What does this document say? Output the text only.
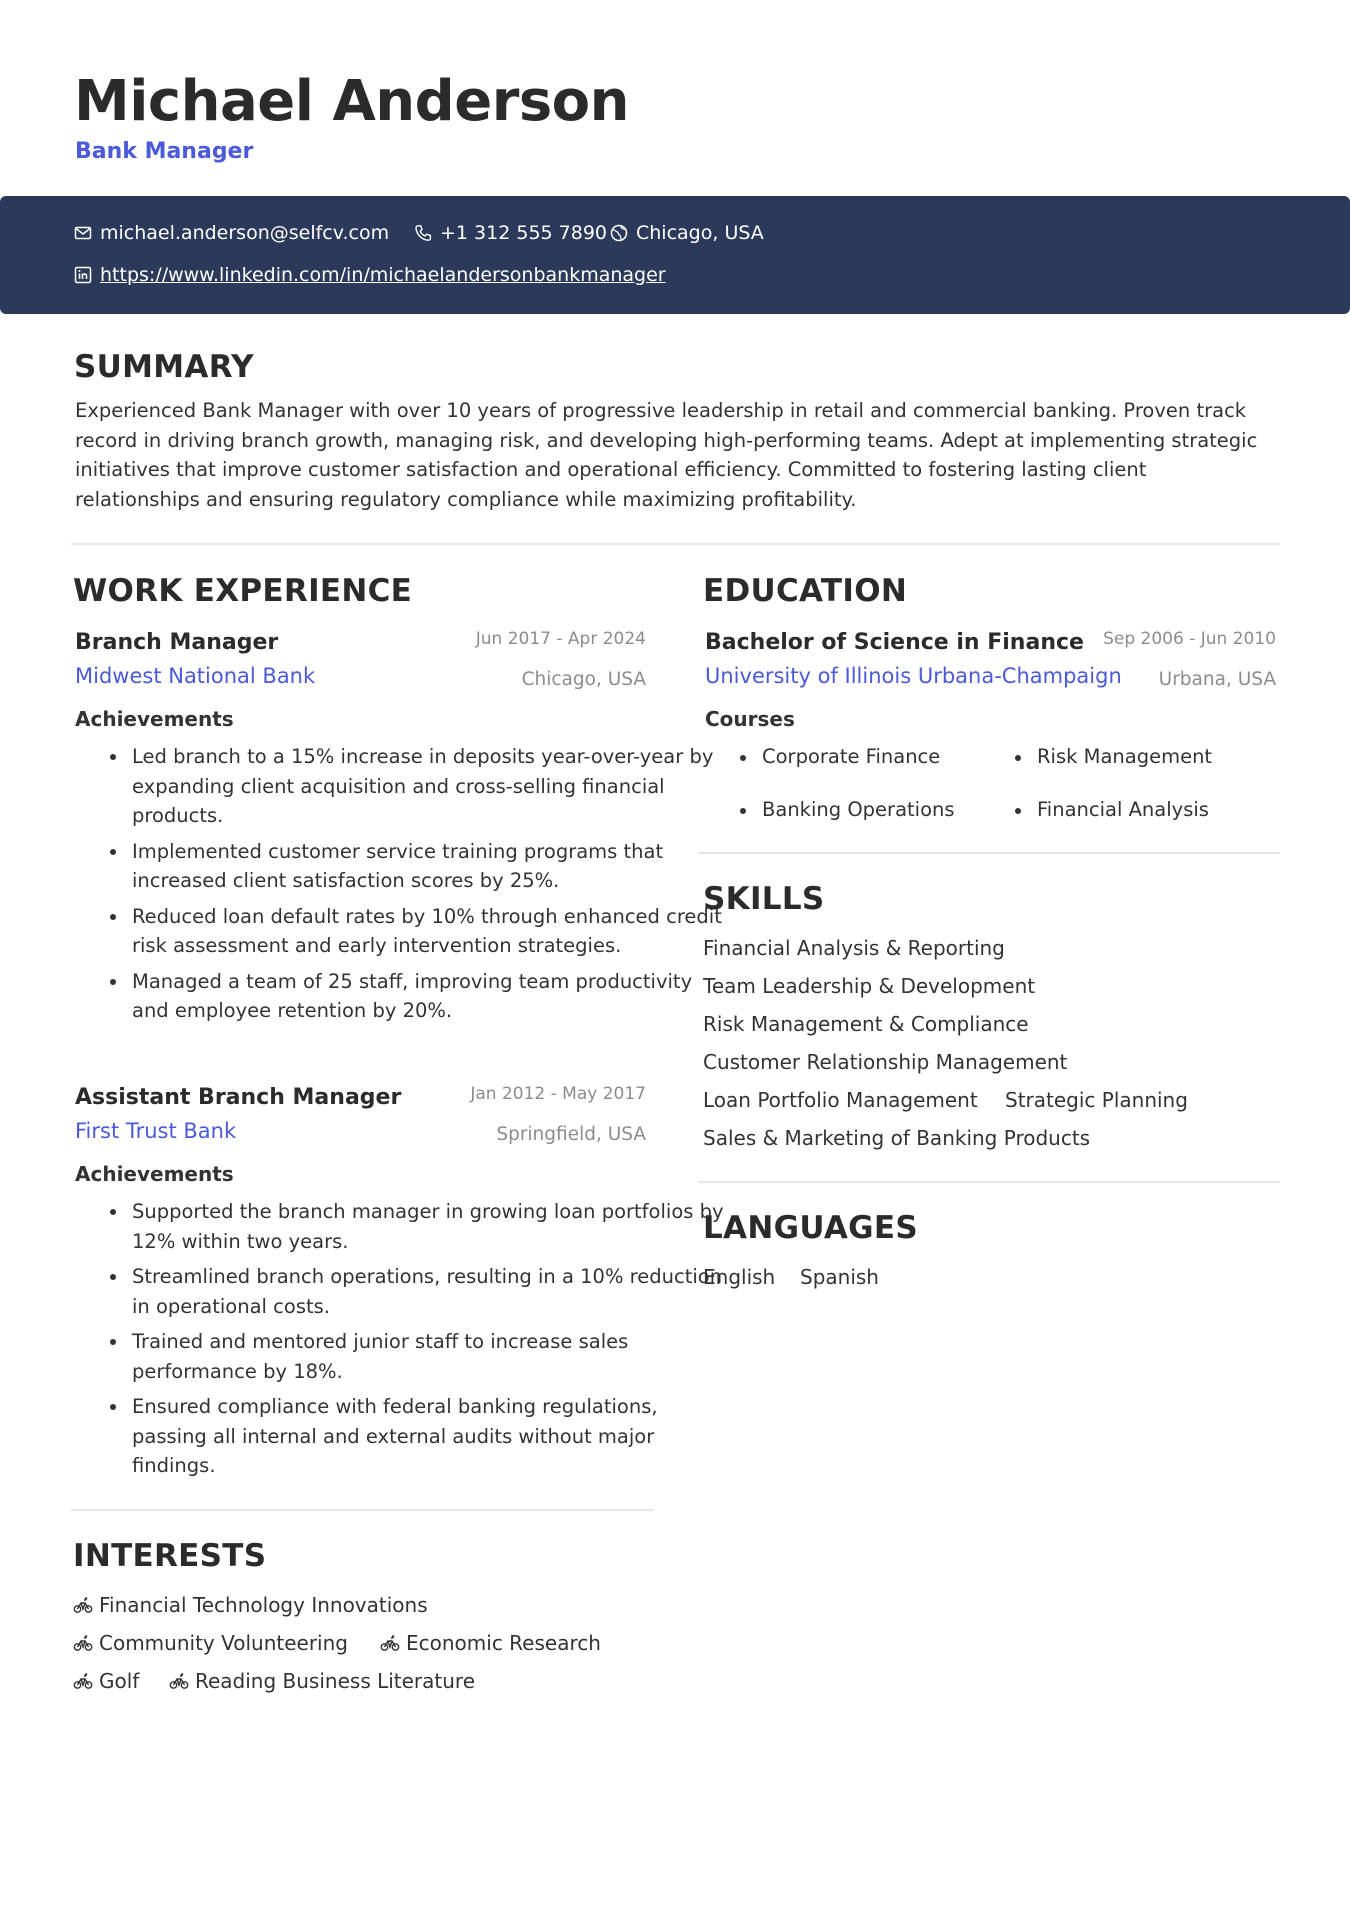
Michael Anderson
Bank Manager
michael.anderson@selfcv.com	+1 312 555 7890 Chicago, USA
https://www.linkedin.com/in/michaelandersonbankmanager
SUMMARY

Experienced Bank Manager with over 10 years of progressive leadership in retail and commercial banking. Proven track record in driving branch growth, managing risk, and developing high-performing teams. Adept at implementing strategic initiatives that improve customer satisfaction and operational efficiency. Committed to fostering lasting client relationships and ensuring regulatory compliance while maximizing profitability.

WORK EXPERIENCE
Branch Manager	Jun 2017 - Apr 2024
Midwest National Bank	Chicago, USA
Achievements
Led branch to a 15% increase in deposits year-over-year by expanding client acquisition and cross-selling financial products.
Implemented customer service training programs that increased client satisfaction scores by 25%.
Reduced loan default rates by 10% through enhanced credit risk assessment and early intervention strategies.
Managed a team of 25 staff, improving team productivity and employee retention by 20%.
Assistant Branch Manager	Jan 2012 - May 2017
First Trust Bank	Springfield, USA
Achievements
Supported the branch manager in growing loan portfolios by 12% within two years.
Streamlined branch operations, resulting in a 10% reduction in operational costs.
Trained and mentored junior staff to increase sales performance by 18%.
Ensured compliance with federal banking regulations, passing all internal and external audits without major findings.
INTERESTS
Financial Technology Innovations
Community Volunteering	Economic Research
Golf	Reading Business Literature
EDUCATION
Bachelor of Science in Finance	Sep 2006 - Jun 2010
University of Illinois Urbana-Champaign	Urbana, USA
Courses
Corporate Finance	Risk Management
Banking Operations	Financial Analysis
SKILLS
Financial Analysis & Reporting
Team Leadership & Development
Risk Management & Compliance
Customer Relationship Management
Loan Portfolio Management Strategic Planning
Sales & Marketing of Banking Products
LANGUAGES
English Spanish
